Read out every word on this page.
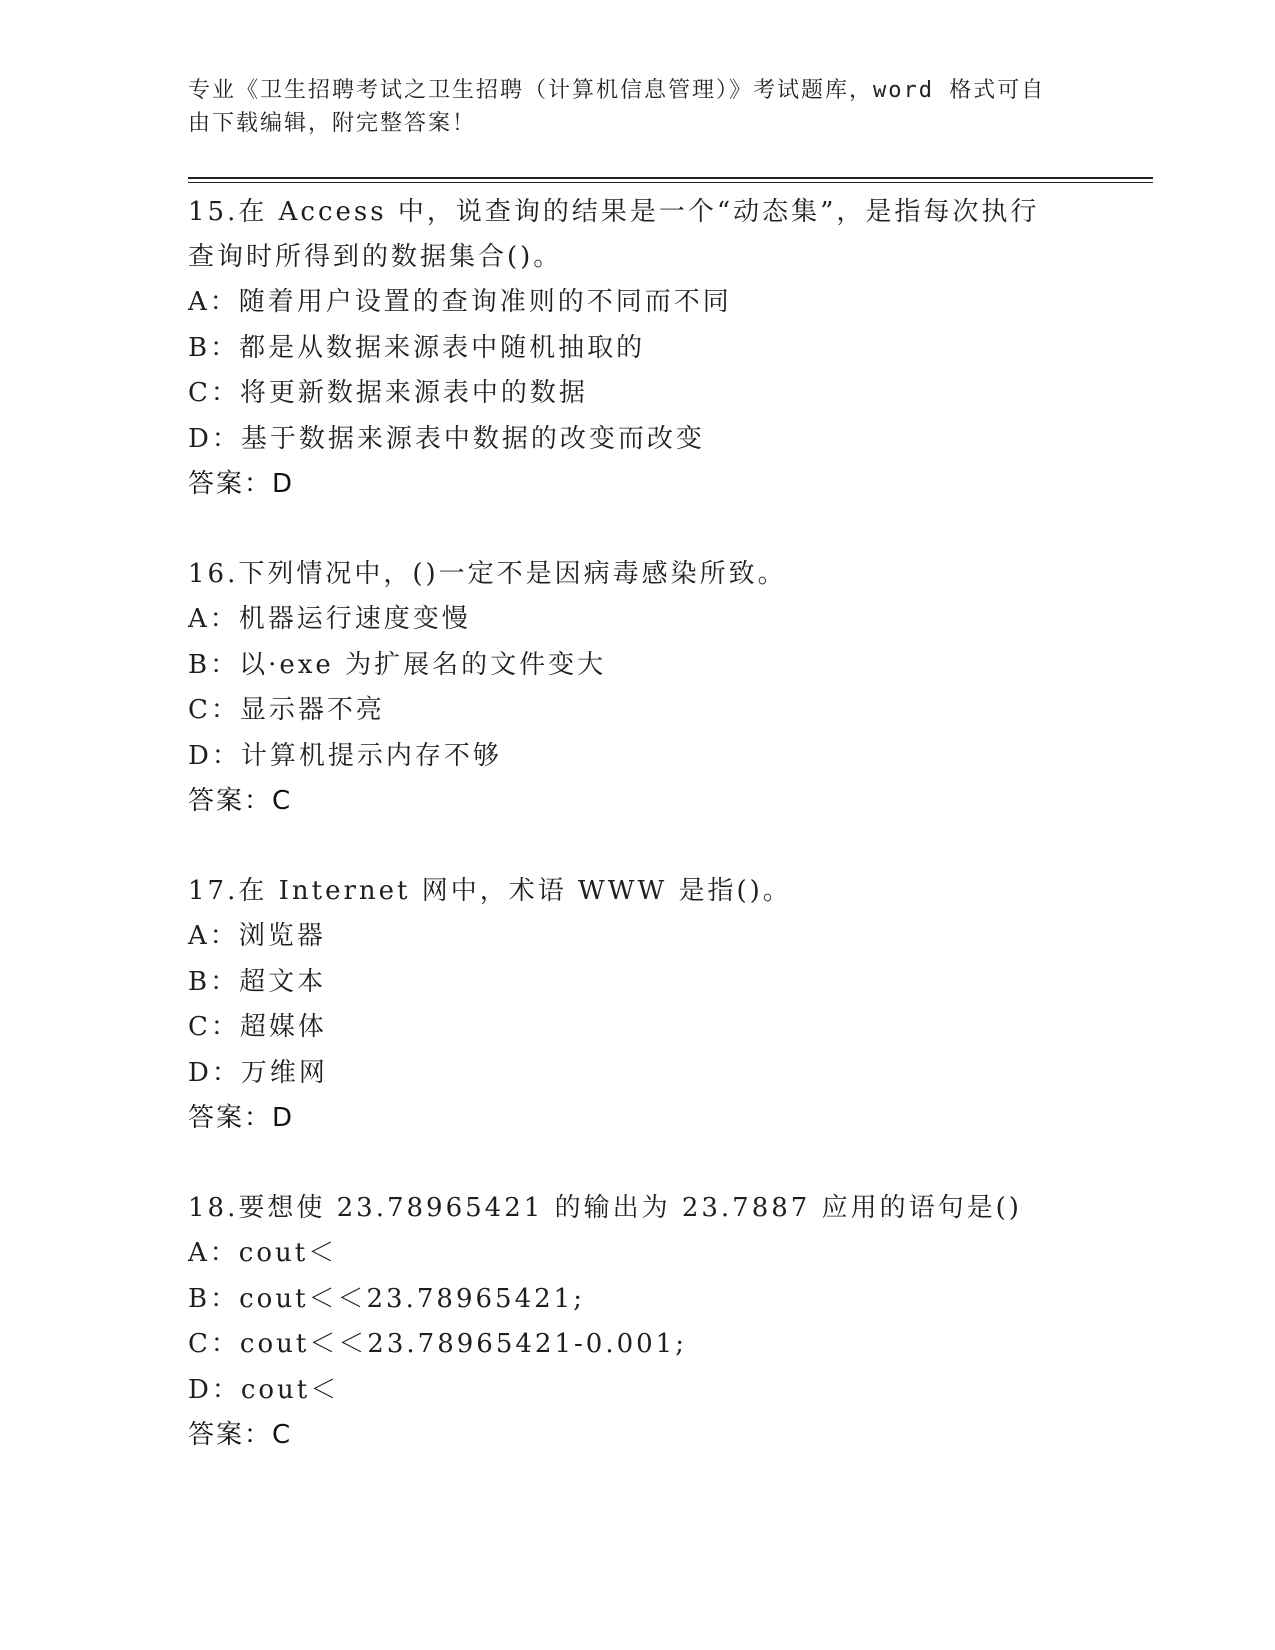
专业《卫生招聘考试之卫生招聘（计算机信息管理）》考试题库，word 格式可自由下载编辑，附完整答案！
15.在 Access 中，说查询的结果是一个“动态集”，是指每次执行查询时所得到的数据集合()。
A：随着用户设置的查询准则的不同而不同
B：都是从数据来源表中随机抽取的
C：将更新数据来源表中的数据
D：基于数据来源表中数据的改变而改变
答案：D
16.下列情况中，()一定不是因病毒感染所致。
A：机器运行速度变慢
B：以·exe 为扩展名的文件变大
C：显示器不亮
D：计算机提示内存不够
答案：C
17.在 Internet 网中，术语 WWW 是指()。
A：浏览器
B：超文本
C：超媒体
D：万维网
答案：D
18.要想使 23.78965421 的输出为 23.7887 应用的语句是()
A：cout＜
B：cout＜＜23.78965421;
C：cout＜＜23.78965421-0.001;
D：cout＜
答案：C
